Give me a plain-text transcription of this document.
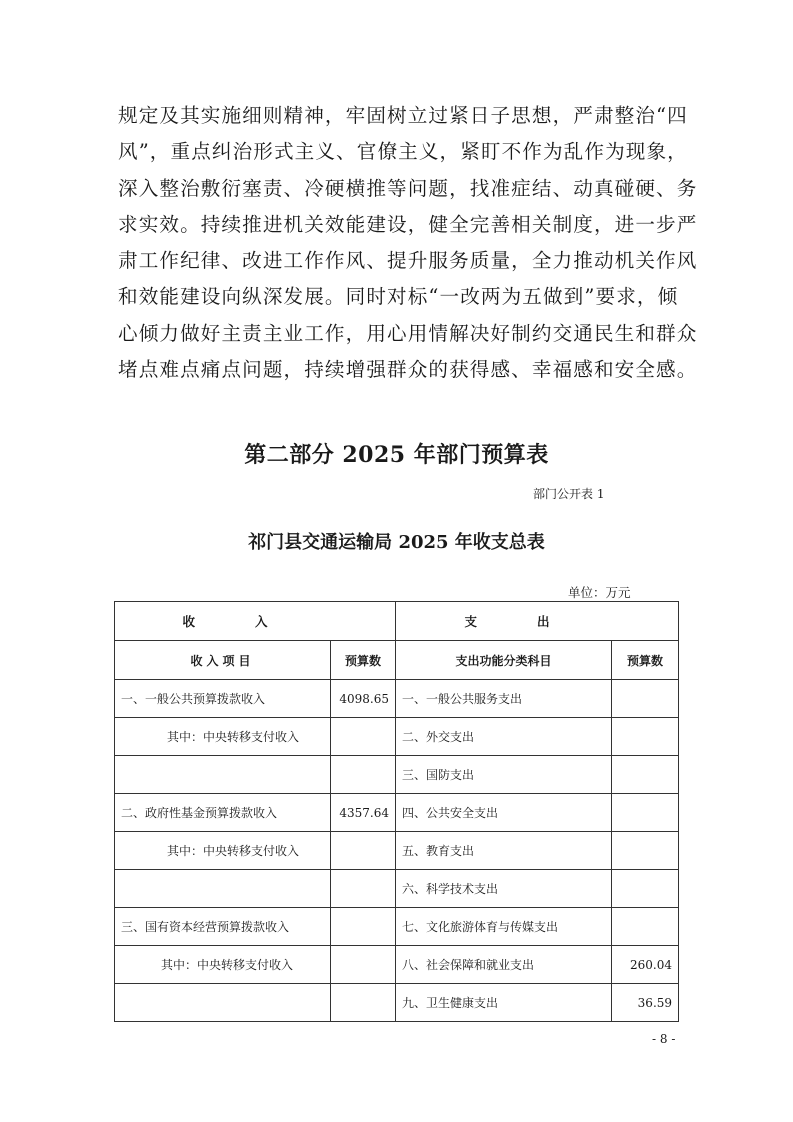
规定及其实施细则精神，牢固树立过紧日子思想，严肃整治“四
风”，重点纠治形式主义、官僚主义，紧盯不作为乱作为现象，
深入整治敷衍塞责、冷硬横推等问题，找准症结、动真碰硬、务
求实效。持续推进机关效能建设，健全完善相关制度，进一步严
肃工作纪律、改进工作作风、提升服务质量，全力推动机关作风
和效能建设向纵深发展。同时对标“一改两为五做到”要求，倾
心倾力做好主责主业工作，用心用情解决好制约交通民生和群众
堵点难点痛点问题，持续增强群众的获得感、幸福感和安全感。
第二部分 2025 年部门预算表
部门公开表 1
祁门县交通运输局 2025 年收支总表
单位：万元
收入		支出	
收入项目	预算数	支出功能分类科目	预算数
一、一般公共预算拨款收入	4098.65	一、一般公共服务支出	
其中：中央转移支付收入		二、外交支出	
		三、国防支出	
二、政府性基金预算拨款收入	4357.64	四、公共安全支出	
其中：中央转移支付收入		五、教育支出	
		六、科学技术支出	
三、国有资本经营预算拨款收入		七、文化旅游体育与传媒支出	
其中：中央转移支付收入		八、社会保障和就业支出	260.04
		九、卫生健康支出	36.59
- 8 -
